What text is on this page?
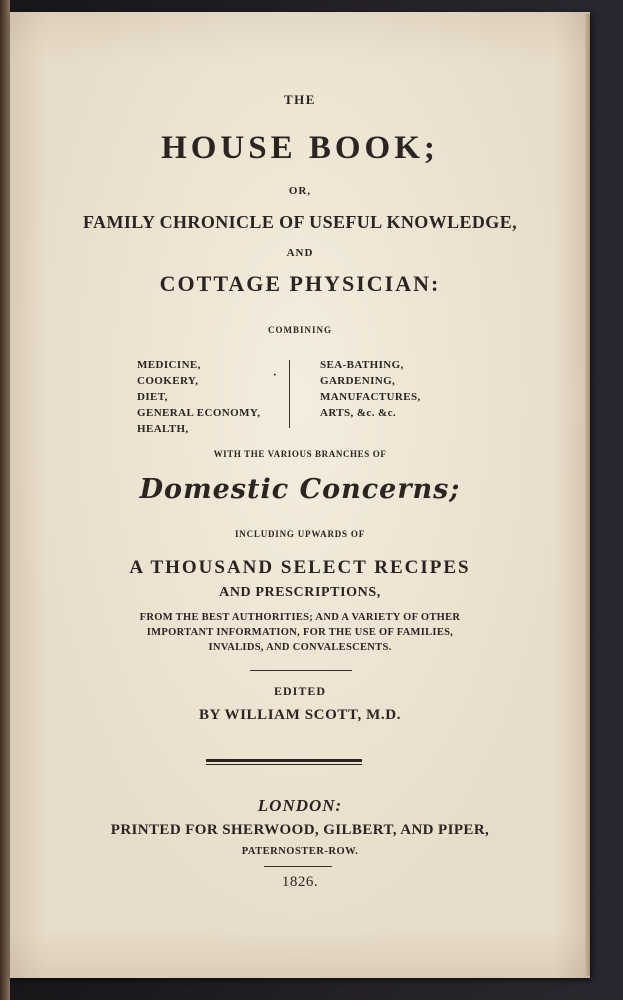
THE
HOUSE BOOK;
OR,
FAMILY CHRONICLE OF USEFUL KNOWLEDGE,
AND
COTTAGE PHYSICIAN:
COMBINING
MEDICINE,
COOKERY,
DIET,
GENERAL ECONOMY,
HEALTH,
·
SEA-BATHING,
GARDENING,
MANUFACTURES,
ARTS, &c. &c.
WITH THE VARIOUS BRANCHES OF
Domestic Concerns;
INCLUDING UPWARDS OF
A THOUSAND SELECT RECIPES
AND PRESCRIPTIONS,
FROM THE BEST AUTHORITIES; AND A VARIETY OF OTHER
IMPORTANT INFORMATION, FOR THE USE OF FAMILIES,
INVALIDS, AND CONVALESCENTS.
EDITED
BY WILLIAM SCOTT, M.D.
LONDON:
PRINTED FOR SHERWOOD, GILBERT, AND PIPER,
PATERNOSTER-ROW.
1826.
